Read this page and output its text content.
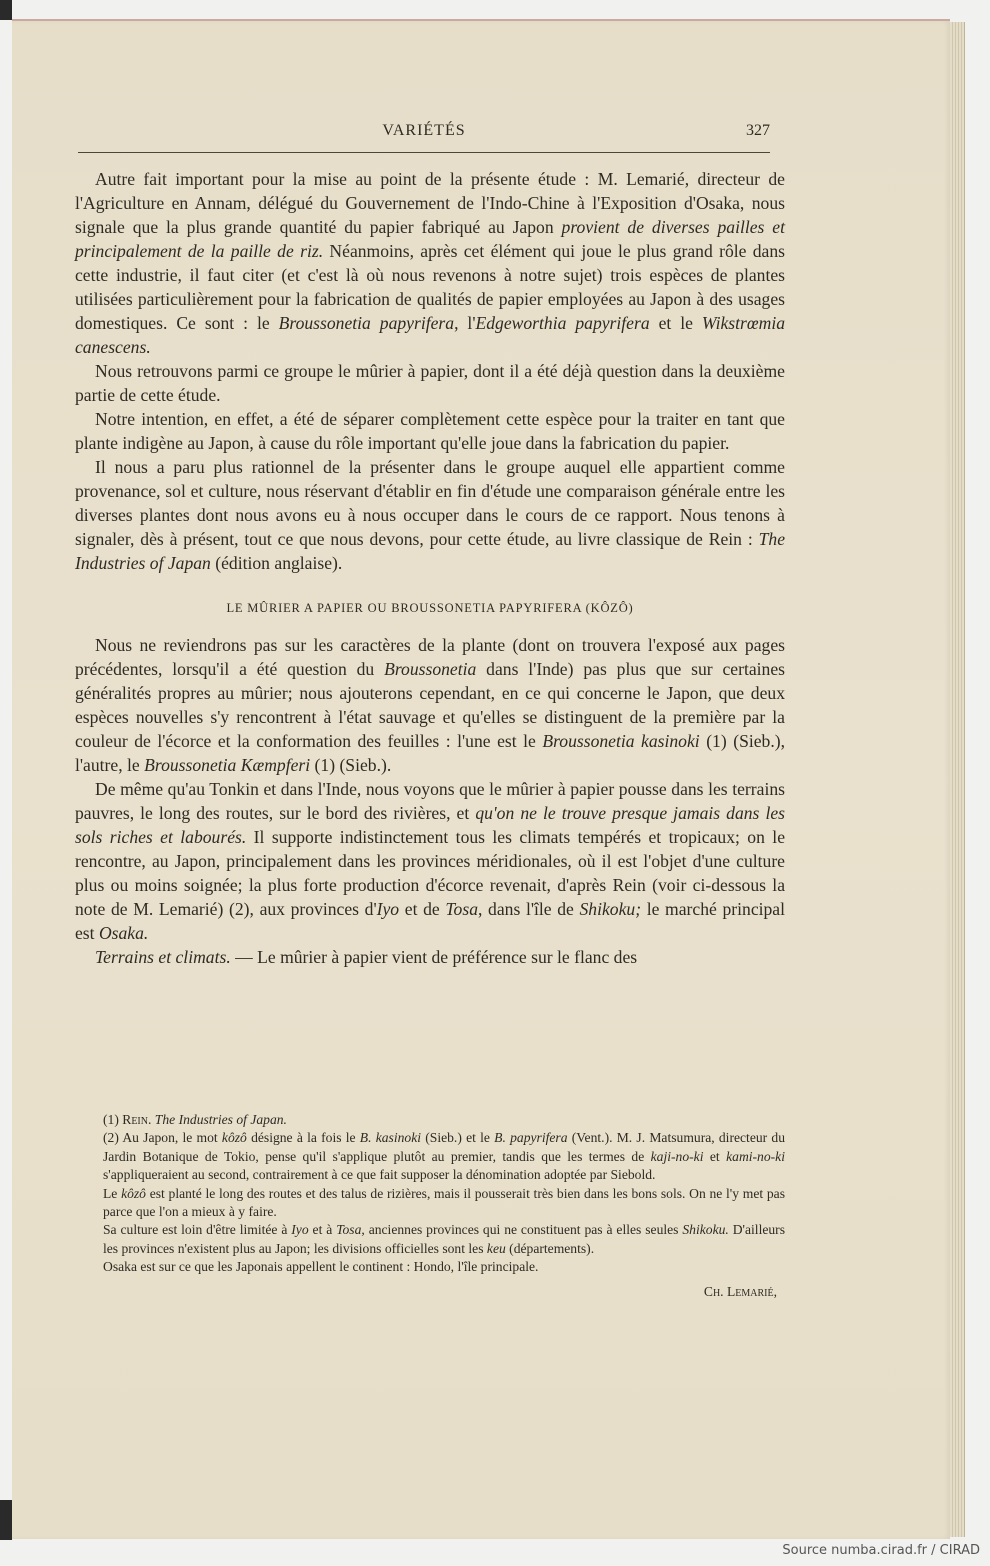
VARIÉTÉS	327

Autre fait important pour la mise au point de la présente étude : M. Lemarié, directeur de l'Agriculture en Annam, délégué du Gouvernement de l'Indo-Chine à l'Exposition d'Osaka, nous signale que la plus grande quantité du papier fabriqué au Japon provient de diverses pailles et principalement de la paille de riz. Néanmoins, après cet élément qui joue le plus grand rôle dans cette industrie, il faut citer (et c'est là où nous revenons à notre sujet) trois espèces de plantes utilisées particulièrement pour la fabrication de qualités de papier employées au Japon à des usages domestiques. Ce sont : le Broussonetia papyrifera, l'Edgeworthia papyrifera et le Wikstrœmia canescens.

Nous retrouvons parmi ce groupe le mûrier à papier, dont il a été déjà question dans la deuxième partie de cette étude.

Notre intention, en effet, a été de séparer complètement cette espèce pour la traiter en tant que plante indigène au Japon, à cause du rôle important qu'elle joue dans la fabrication du papier.

Il nous a paru plus rationnel de la présenter dans le groupe auquel elle appartient comme provenance, sol et culture, nous réservant d'établir en fin d'étude une comparaison générale entre les diverses plantes dont nous avons eu à nous occuper dans le cours de ce rapport. Nous tenons à signaler, dès à présent, tout ce que nous devons, pour cette étude, au livre classique de Rein : The Industries of Japan (édition anglaise).

LE MÛRIER A PAPIER OU BROUSSONETIA PAPYRIFERA (KÔZÔ)

Nous ne reviendrons pas sur les caractères de la plante (dont on trouvera l'exposé aux pages précédentes, lorsqu'il a été question du Broussonetia dans l'Inde) pas plus que sur certaines généralités propres au mûrier; nous ajouterons cependant, en ce qui concerne le Japon, que deux espèces nouvelles s'y rencontrent à l'état sauvage et qu'elles se distinguent de la première par la couleur de l'écorce et la conformation des feuilles : l'une est le Broussonetia kasinoki (1) (Sieb.), l'autre, le Broussonetia Kæmpferi (1) (Sieb.).

De même qu'au Tonkin et dans l'Inde, nous voyons que le mûrier à papier pousse dans les terrains pauvres, le long des routes, sur le bord des rivières, et qu'on ne le trouve presque jamais dans les sols riches et labourés. Il supporte indistinctement tous les climats tempérés et tropicaux; on le rencontre, au Japon, principalement dans les provinces méridionales, où il est l'objet d'une culture plus ou moins soignée; la plus forte production d'écorce revenait, d'après Rein (voir ci-dessous la note de M. Lemarié) (2), aux provinces d'Iyo et de Tosa, dans l'île de Shikoku; le marché principal est Osaka.

Terrains et climats. — Le mûrier à papier vient de préférence sur le flanc des

(1) Rein. The Industries of Japan.

(2) Au Japon, le mot kôzô désigne à la fois le B. kasinoki (Sieb.) et le B. papyrifera (Vent.). M. J. Matsumura, directeur du Jardin Botanique de Tokio, pense qu'il s'applique plutôt au premier, tandis que les termes de kaji-no-ki et kami-no-ki s'appliqueraient au second, contrairement à ce que fait supposer la dénomination adoptée par Siebold.

Le kôzô est planté le long des routes et des talus de rizières, mais il pousserait très bien dans les bons sols. On ne l'y met pas parce que l'on a mieux à y faire.

Sa culture est loin d'être limitée à Iyo et à Tosa, anciennes provinces qui ne constituent pas à elles seules Shikoku. D'ailleurs les provinces n'existent plus au Japon; les divisions officielles sont les keu (départements).

Osaka est sur ce que les Japonais appellent le continent : Hondo, l'île principale.

Ch. Lemarié,

Source numba.cirad.fr / CIRAD
